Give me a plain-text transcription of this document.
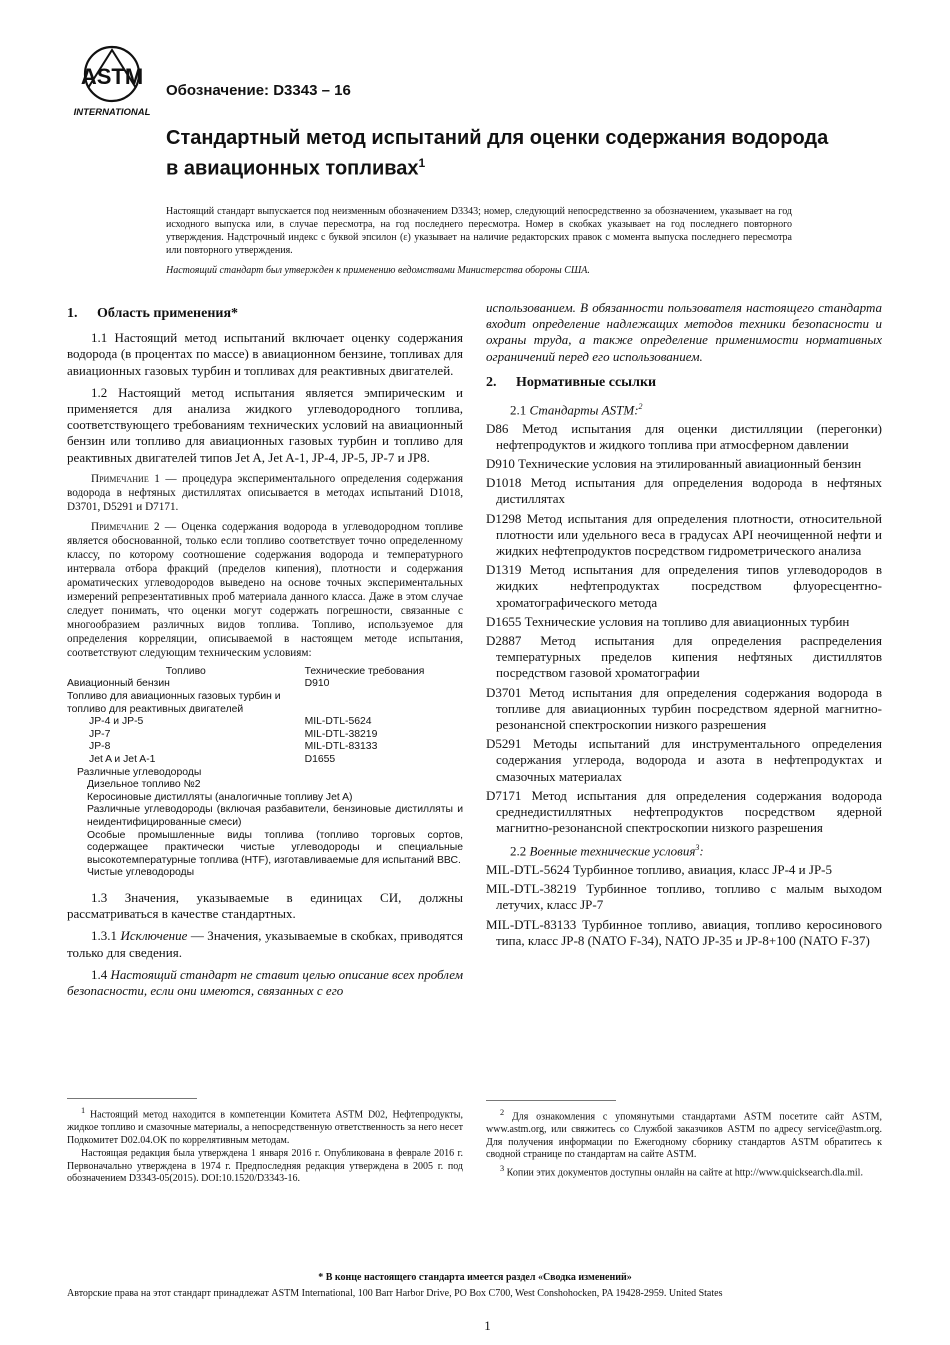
ASTM
INTERNATIONAL
Обозначение: D3343 – 16
Стандартный метод испытаний для оценки содержания водорода в авиационных топливах$^1$

Настоящий стандарт выпускается под неизменным обозначением D3343; номер, следующий непосредственно за обозначением, указывает на год исходного выпуска или, в случае пересмотра, на год последнего пересмотра. Номер в скобках указывает на год последнего повторного утверждения. Надстрочный индекс с буквой эпсилон (ε) указывает на наличие редакторских правок с момента выпуска последнего пересмотра или повторного утверждения.

Настоящий стандарт был утвержден к применению ведомствами Министерства обороны США.

1. Область применения*

1.1 Настоящий метод испытаний включает оценку содержания водорода (в процентах по массе) в авиационном бензине, топливах для авиационных газовых турбин и топливах для реактивных двигателей.

1.2 Настоящий метод испытания является эмпирическим и применяется для анализа жидкого углеводородного топлива, соответствующего требованиям технических условий на авиационный бензин или топливо для авиационных газовых турбин и топливо для реактивных двигателей типов Jet A, Jet A-1, JP-4, JP-5, JP-7 и JP8.

Примечание 1 — процедура экспериментального определения содержания водорода в нефтяных дистиллятах описывается в методах испытаний D1018, D3701, D5291 и D7171.

Примечание 2 — Оценка содержания водорода в углеводородном топливе является обоснованной, только если топливо соответствует точно определенному классу, по которому соотношение содержания водорода и температурного интервала отбора фракций (пределов кипения), плотности и содержания ароматических углеводородов выведено на основе точных экспериментальных измерений репрезентативных проб материала данного класса. Даже в этом случае следует понимать, что оценки могут содержать погрешности, связанные с многообразием различных видов топлива. Топливо, используемое для определения корреляции, описываемой в настоящем методе испытания, соответствуют следующим техническим условиям:

Топливо	Технические требования
Авиационный бензин	D910
Топливо для авиационных газовых турбин и топливо для реактивных двигателей	
JP-4 и JP-5	MIL-DTL-5624
JP-7	MIL-DTL-38219
JP-8	MIL-DTL-83133
Jet A и Jet A-1	D1655
Различные углеводороды	
Дизельное топливо №2	
Керосиновые дистилляты (аналогичные топливу Jet A)	
Различные углеводороды (включая разбавители, бензиновые дистилляты и неидентифицированные смеси)	
Особые промышленные виды топлива (топливо торговых сортов, содержащее практически чистые углеводороды и специальные высокотемпературные топлива (HTF), изготавливаемые для испытаний ВВС.	
Чистые углеводороды	

1.3 Значения, указываемые в единицах СИ, должны рассматриваться в качестве стандартных.

1.3.1 Исключение — Значения, указываемые в скобках, приводятся только для сведения.

1.4 Настоящий стандарт не ставит целью описание всех проблем безопасности, если они имеются, связанных с его

использованием. В обязанности пользователя настоящего стандарта входит определение надлежащих методов техники безопасности и охраны труда, а также определение применимости нормативных ограничений перед его использованием.

2. Нормативные ссылки

2.1 Стандарты ASTM:$^2$

D86 Метод испытания для оценки дистилляции (перегонки) нефтепродуктов и жидкого топлива при атмосферном давлении

D910 Технические условия на этилированный авиационный бензин

D1018 Метод испытания для определения водорода в нефтяных дистиллятах

D1298 Метод испытания для определения плотности, относительной плотности или удельного веса в градусах API неочищенной нефти и жидких нефтепродуктов посредством гидрометрического анализа

D1319 Метод испытания для определения типов углеводородов в жидких нефтепродуктах посредством флуоресцентно-хроматографического метода

D1655 Технические условия на топливо для авиационных турбин

D2887 Метод испытания для определения распределения температурных пределов кипения нефтяных дистиллятов посредством газовой хроматографии

D3701 Метод испытания для определения содержания водорода в топливе для авиационных турбин посредством ядерной магнитно-резонансной спектроскопии низкого разрешения

D5291 Методы испытаний для инструментального определения содержания углерода, водорода и азота в нефтепродуктах и смазочных материалах

D7171 Метод испытания для определения содержания водорода среднедистиллятных нефтепродуктов посредством ядерной магнитно-резонансной спектроскопии низкого разрешения

2.2 Военные технические условия$^3$:

MIL-DTL-5624 Турбинное топливо, авиация, класс JP-4 и JP-5

MIL-DTL-38219 Турбинное топливо, топливо с малым выходом летучих, класс JP-7

MIL-DTL-83133 Турбинное топливо, авиация, топливо керосинового типа, класс JP-8 (NATO F-34), NATO JP-35 и JP-8+100 (NATO F-37)

$^1$ Настоящий метод находится в компетенции Комитета ASTM D02, Нефтепродукты, жидкое топливо и смазочные материалы, а непосредственную ответственность за него несет Подкомитет D02.04.OK по коррелятивным методам.

Настоящая редакция была утверждена 1 января 2016 г. Опубликована в феврале 2016 г. Первоначально утверждена в 1974 г. Предпоследняя редакция утверждена в 2005 г. под обозначением D3343-05(2015). DOI:10.1520/D3343-16.

$^2$ Для ознакомления с упомянутыми стандартами ASTM посетите сайт ASTM, www.astm.org, или свяжитесь со Службой заказчиков ASTM по адресу service@astm.org. Для получения информации по Ежегодному сборнику стандартов ASTM обратитесь к сводной странице по стандартам на сайте ASTM.

$^3$ Копии этих документов доступны онлайн на сайте at http://www.quicksearch.dla.mil.

* В конце настоящего стандарта имеется раздел «Сводка изменений»
Авторские права на этот стандарт принадлежат ASTM International, 100 Barr Harbor Drive, PO Box C700, West Conshohocken, PA 19428-2959. United States
1
